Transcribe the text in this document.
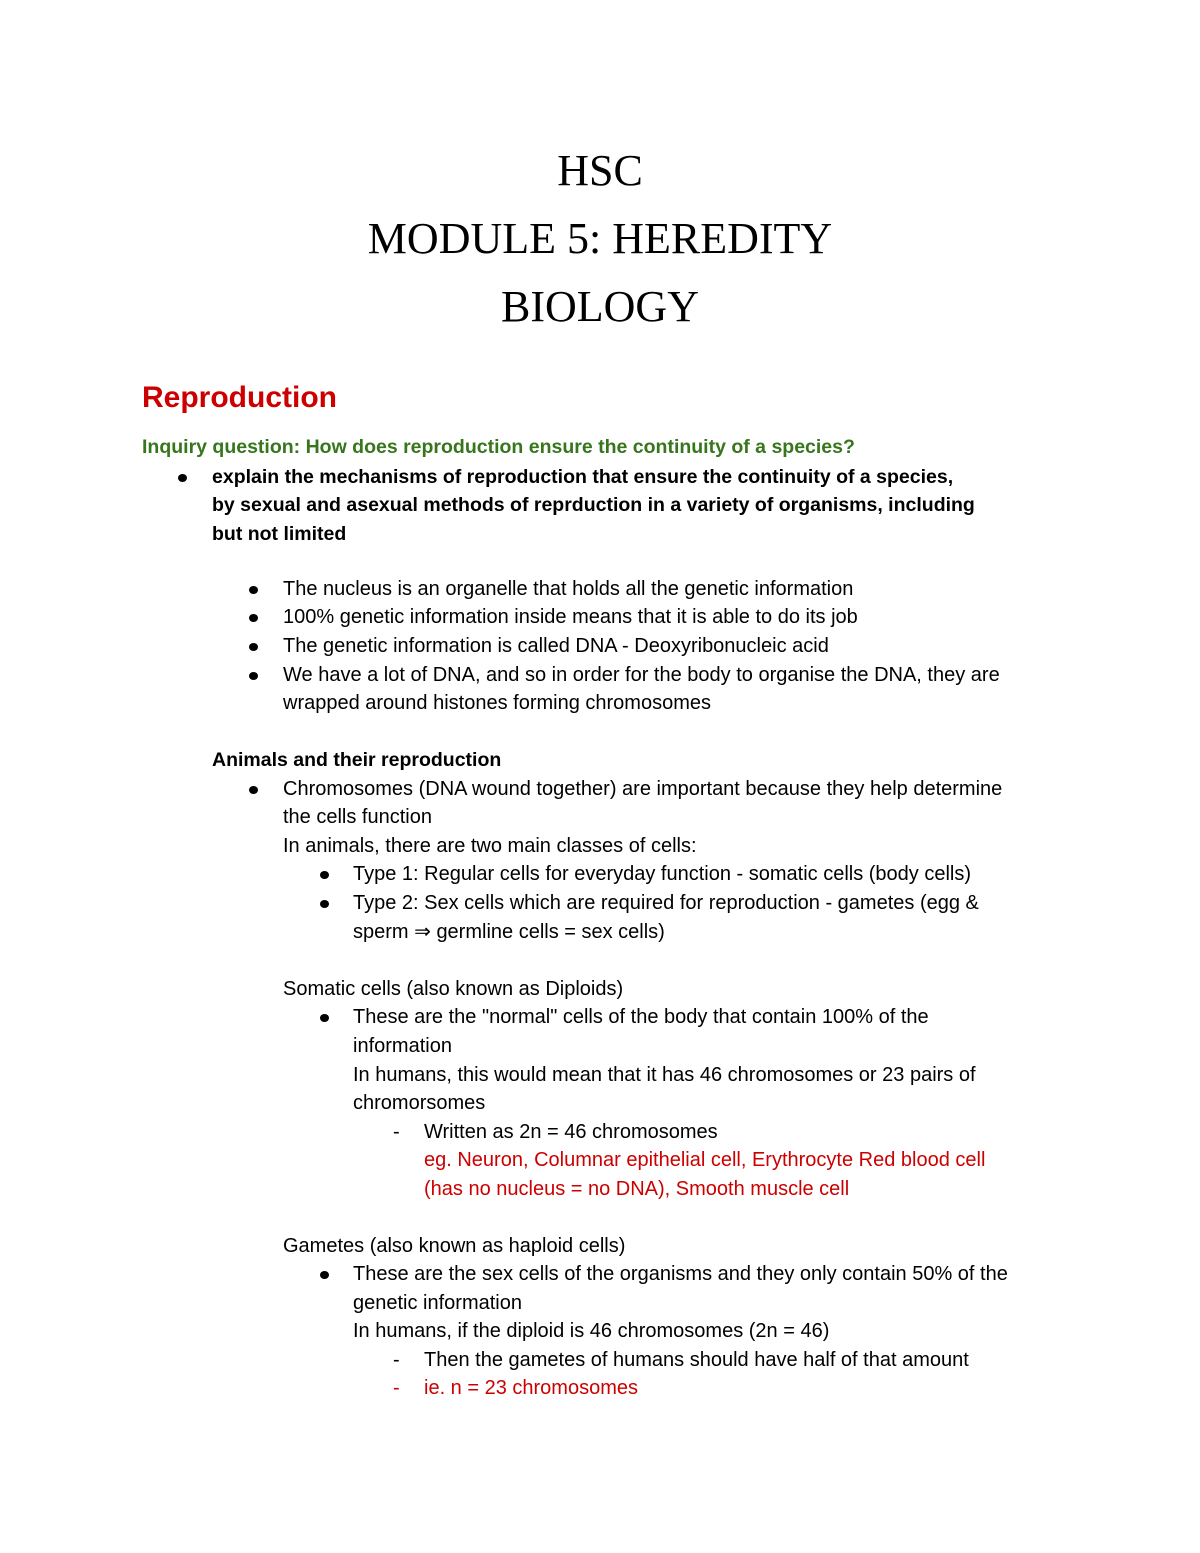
HSC
MODULE 5: HEREDITY
BIOLOGY
Reproduction
Inquiry question: How does reproduction ensure the continuity of a species?
explain the mechanisms of reproduction that ensure the continuity of a species,
by sexual and asexual methods of reprduction in a variety of organisms, including
but not limited
The nucleus is an organelle that holds all the genetic information
100% genetic information inside means that it is able to do its job
The genetic information is called DNA - Deoxyribonucleic acid
We have a lot of DNA, and so in order for the body to organise the DNA, they are
wrapped around histones forming chromosomes
Animals and their reproduction
Chromosomes (DNA wound together) are important because they help determine
the cells function
In animals, there are two main classes of cells:
Type 1: Regular cells for everyday function - somatic cells (body cells)
Type 2: Sex cells which are required for reproduction - gametes (egg &
sperm ⇒ germline cells = sex cells)
Somatic cells (also known as Diploids)
These are the "normal" cells of the body that contain 100% of the
information
In humans, this would mean that it has 46 chromosomes or 23 pairs of
chromorsomes
- Written as 2n = 46 chromosomes
eg. Neuron, Columnar epithelial cell, Erythrocyte Red blood cell
(has no nucleus = no DNA), Smooth muscle cell
Gametes (also known as haploid cells)
These are the sex cells of the organisms and they only contain 50% of the
genetic information
In humans, if the diploid is 46 chromosomes (2n = 46)
- Then the gametes of humans should have half of that amount
- ie. n = 23 chromosomes
